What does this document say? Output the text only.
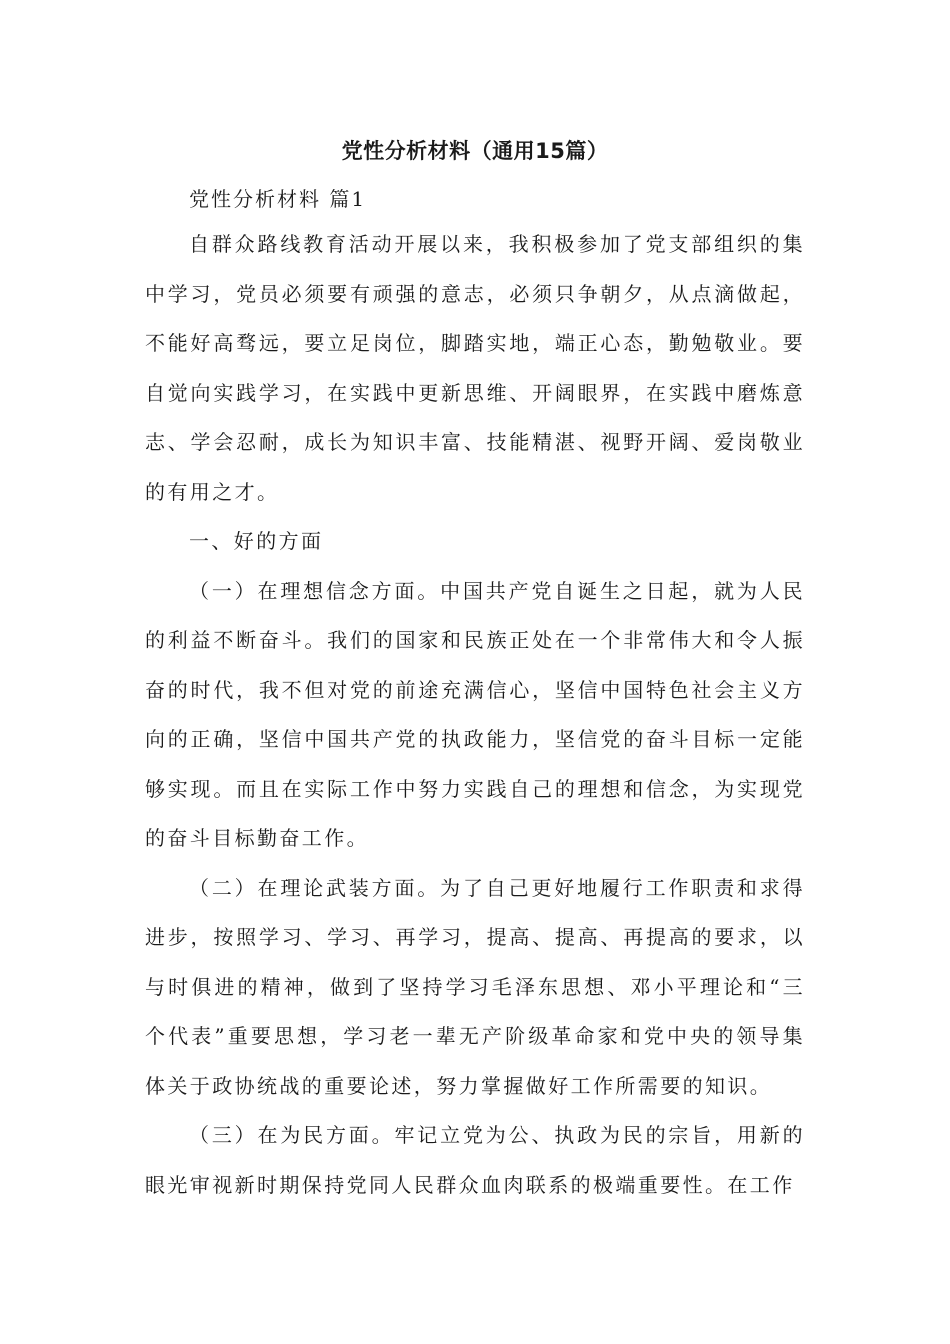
党性分析材料（通用15篇）

党性分析材料 篇1

自群众路线教育活动开展以来，我积极参加了党支部组织的集中学习，党员必须要有顽强的意志，必须只争朝夕，从点滴做起，不能好高骛远，要立足岗位，脚踏实地，端正心态，勤勉敬业。要自觉向实践学习，在实践中更新思维、开阔眼界，在实践中磨炼意志、学会忍耐，成长为知识丰富、技能精湛、视野开阔、爱岗敬业的有用之才。

一、好的方面

（一）在理想信念方面。中国共产党自诞生之日起，就为人民的利益不断奋斗。我们的国家和民族正处在一个非常伟大和令人振奋的时代，我不但对党的前途充满信心，坚信中国特色社会主义方向的正确，坚信中国共产党的执政能力，坚信党的奋斗目标一定能够实现。而且在实际工作中努力实践自己的理想和信念，为实现党的奋斗目标勤奋工作。

（二）在理论武装方面。为了自己更好地履行工作职责和求得进步，按照学习、学习、再学习，提高、提高、再提高的要求，以与时俱进的精神，做到了坚持学习毛泽东思想、邓小平理论和“三个代表”重要思想，学习老一辈无产阶级革命家和党中央的领导集体关于政协统战的重要论述，努力掌握做好工作所需要的知识。

（三）在为民方面。牢记立党为公、执政为民的宗旨，用新的眼光审视新时期保持党同人民群众血肉联系的极端重要性。在工作
